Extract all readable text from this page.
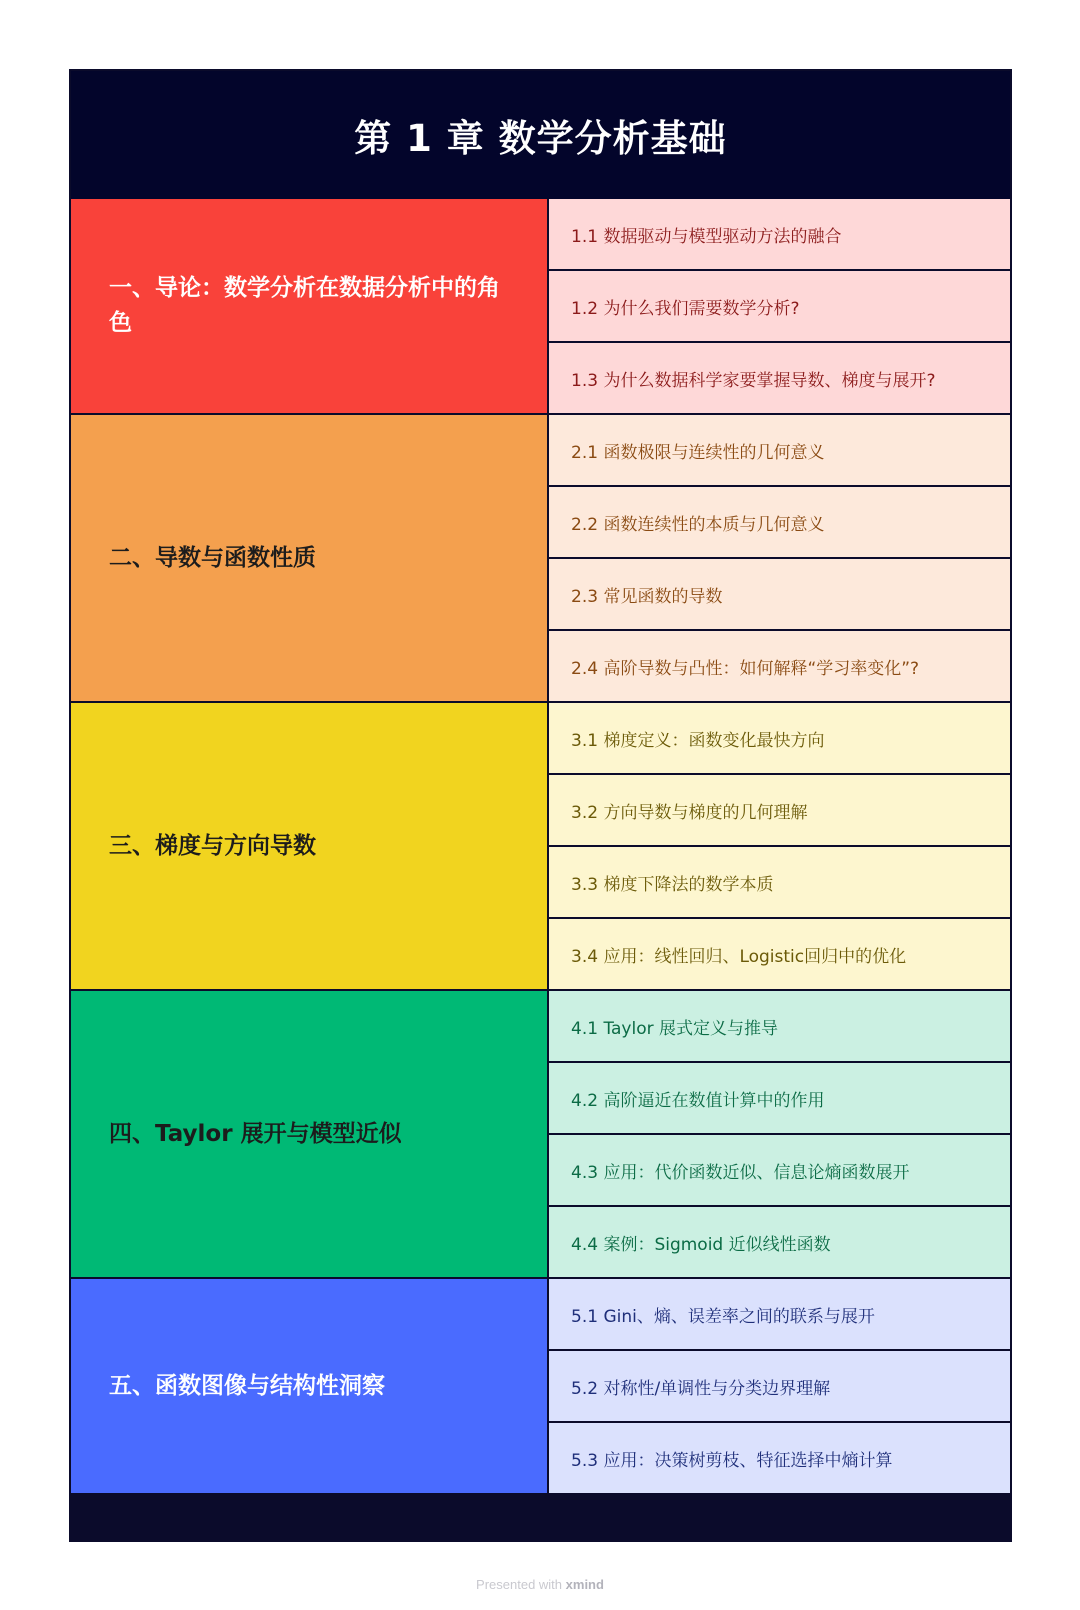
第 1 章 数学分析基础
一、导论：数学分析在数据分析中的角色
1.1 数据驱动与模型驱动方法的融合
1.2 为什么我们需要数学分析?
1.3 为什么数据科学家要掌握导数、梯度与展开?
二、导数与函数性质
2.1 函数极限与连续性的几何意义
2.2 函数连续性的本质与几何意义
2.3 常见函数的导数
2.4 高阶导数与凸性：如何解释“学习率变化”?
三、梯度与方向导数
3.1 梯度定义：函数变化最快方向
3.2 方向导数与梯度的几何理解
3.3 梯度下降法的数学本质
3.4 应用：线性回归、Logistic回归中的优化
四、Taylor 展开与模型近似
4.1 Taylor 展式定义与推导
4.2 高阶逼近在数值计算中的作用
4.3 应用：代价函数近似、信息论熵函数展开
4.4 案例：Sigmoid 近似线性函数
五、函数图像与结构性洞察
5.1 Gini、熵、误差率之间的联系与展开
5.2 对称性/单调性与分类边界理解
5.3 应用：决策树剪枝、特征选择中熵计算
Presented with xmind
